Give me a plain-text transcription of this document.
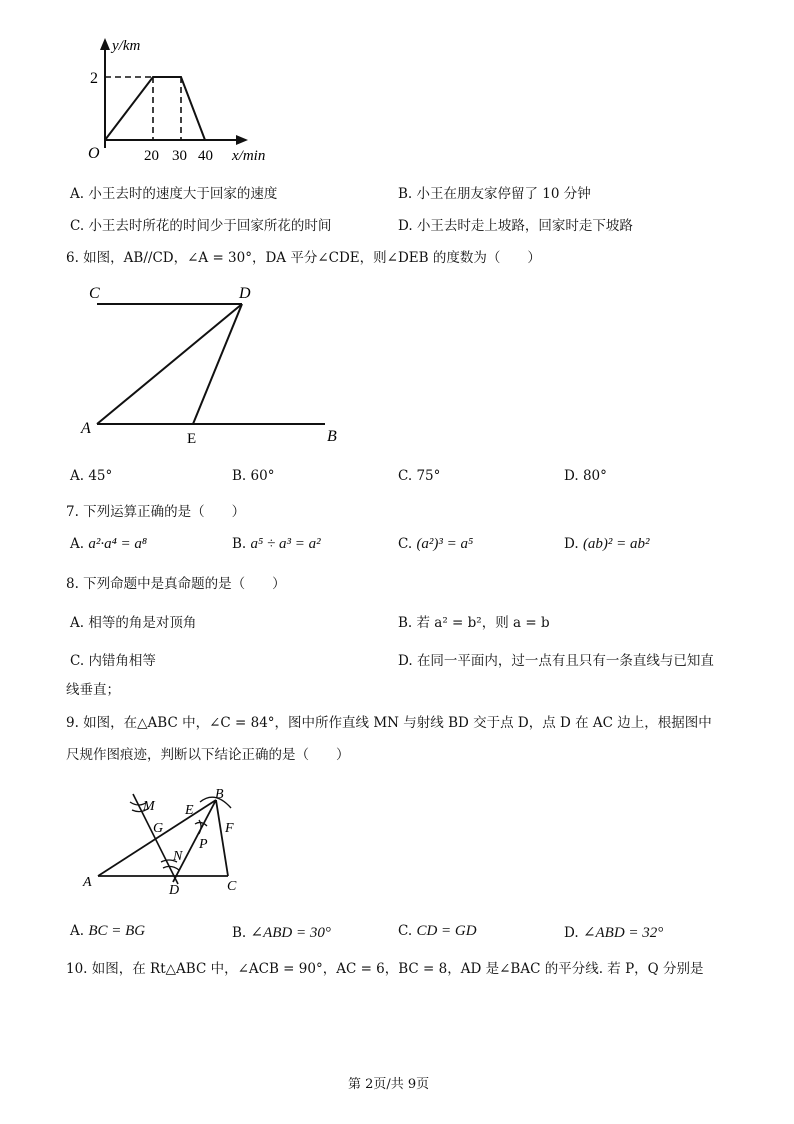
y/km
x/min
O
2
20 30 40
A. 小王去时的速度大于回家的速度	B. 小王在朋友家停留了 10 分钟
C. 小王去时所花的时间少于回家所花的时间	D. 小王去时走上坡路，回家时走下坡路
6. 如图，AB//CD，∠A = 30°，DA 平分∠CDE，则∠DEB 的度数为（　　）
C	D
A
E	B
A. 45°	B. 60°	C. 75°	D. 80°
7. 下列运算正确的是（　　）
A. a²·a⁴ = a⁸	B. a⁵ ÷ a³ = a²	C. (a²)³ = a⁵	D. (ab)² = ab²
8. 下列命题中是真命题的是（　　）
A. 相等的角是对顶角	B. 若 a² = b²，则 a = b
C. 内错角相等	D. 在同一平面内，过一点有且只有一条直线与已知直
线垂直；
9. 如图，在△ABC 中，∠C = 84°，图中所作直线 MN 与射线 BD 交于点 D，点 D 在 AC 边上，根据图中
尺规作图痕迹，判断以下结论正确的是（　　）
M E
B
G	F
P
N
A
D	C
A. BC = BG	B. ∠ABD = 30°	C. CD = GD	D. ∠ABD = 32°
10. 如图，在 Rt△ABC 中，∠ACB = 90°，AC = 6，BC = 8，AD 是∠BAC 的平分线. 若 P，Q 分别是
第 2页/共 9页
